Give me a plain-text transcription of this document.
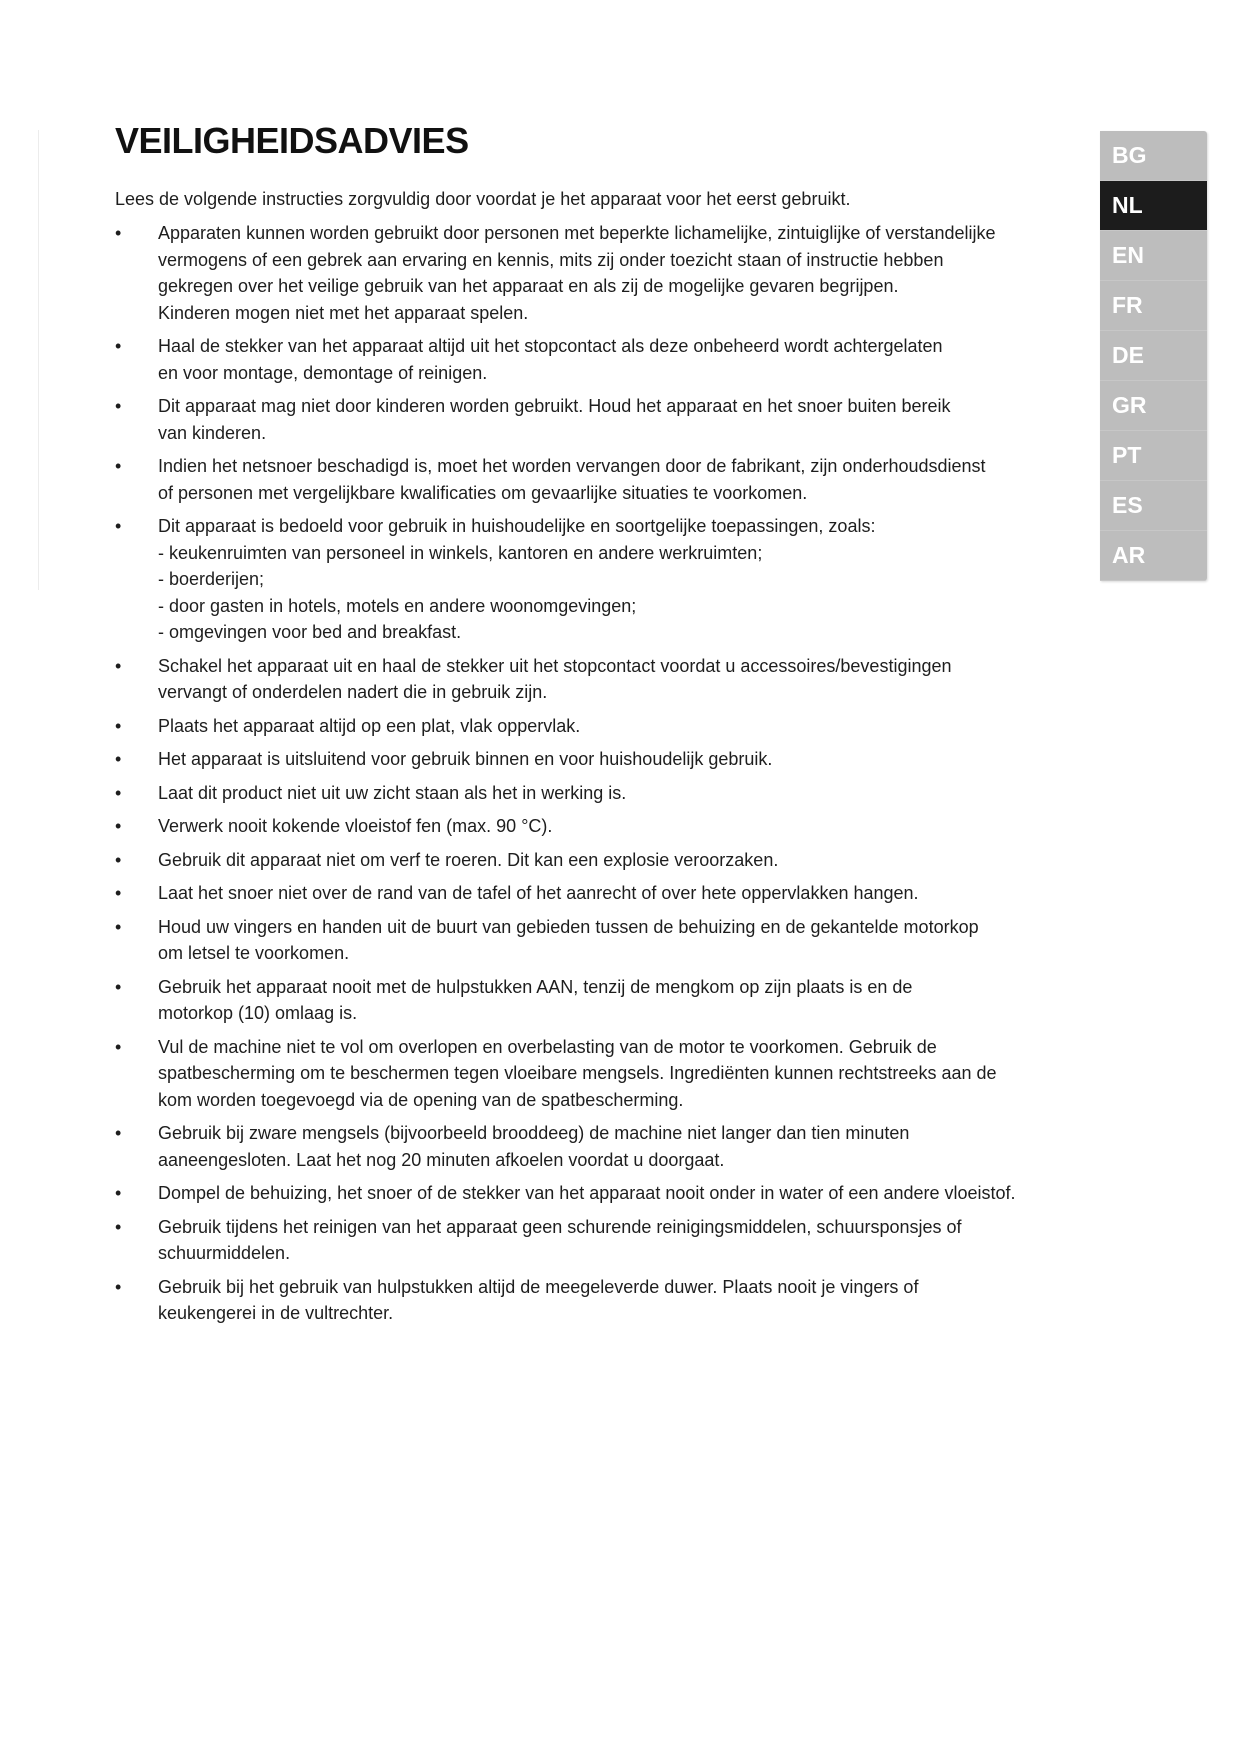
VEILIGHEIDSADVIES

Lees de volgende instructies zorgvuldig door voordat je het apparaat voor het eerst gebruikt.

• Apparaten kunnen worden gebruikt door personen met beperkte lichamelijke, zintuiglijke of verstandelijke
vermogens of een gebrek aan ervaring en kennis, mits zij onder toezicht staan of instructie hebben
gekregen over het veilige gebruik van het apparaat en als zij de mogelijke gevaren begrijpen.
Kinderen mogen niet met het apparaat spelen.
• Haal de stekker van het apparaat altijd uit het stopcontact als deze onbeheerd wordt achtergelaten
en voor montage, demontage of reinigen.
• Dit apparaat mag niet door kinderen worden gebruikt. Houd het apparaat en het snoer buiten bereik
van kinderen.
• Indien het netsnoer beschadigd is, moet het worden vervangen door de fabrikant, zijn onderhoudsdienst
of personen met vergelijkbare kwalificaties om gevaarlijke situaties te voorkomen.
• Dit apparaat is bedoeld voor gebruik in huishoudelijke en soortgelijke toepassingen, zoals:
- keukenruimten van personeel in winkels, kantoren en andere werkruimten;
- boerderijen;
- door gasten in hotels, motels en andere woonomgevingen;
- omgevingen voor bed and breakfast.
• Schakel het apparaat uit en haal de stekker uit het stopcontact voordat u accessoires/bevestigingen
vervangt of onderdelen nadert die in gebruik zijn.
• Plaats het apparaat altijd op een plat, vlak oppervlak.
• Het apparaat is uitsluitend voor gebruik binnen en voor huishoudelijk gebruik.
• Laat dit product niet uit uw zicht staan als het in werking is.
• Verwerk nooit kokende vloeistof fen (max. 90 °C).
• Gebruik dit apparaat niet om verf te roeren. Dit kan een explosie veroorzaken.
• Laat het snoer niet over de rand van de tafel of het aanrecht of over hete oppervlakken hangen.
• Houd uw vingers en handen uit de buurt van gebieden tussen de behuizing en de gekantelde motorkop
om letsel te voorkomen.
• Gebruik het apparaat nooit met de hulpstukken AAN, tenzij de mengkom op zijn plaats is en de
motorkop (10) omlaag is.
• Vul de machine niet te vol om overlopen en overbelasting van de motor te voorkomen. Gebruik de
spatbescherming om te beschermen tegen vloeibare mengsels. Ingrediënten kunnen rechtstreeks aan de
kom worden toegevoegd via de opening van de spatbescherming.
• Gebruik bij zware mengsels (bijvoorbeeld brooddeeg) de machine niet langer dan tien minuten
aaneengesloten. Laat het nog 20 minuten afkoelen voordat u doorgaat.
• Dompel de behuizing, het snoer of de stekker van het apparaat nooit onder in water of een andere vloeistof.
• Gebruik tijdens het reinigen van het apparaat geen schurende reinigingsmiddelen, schuursponsjes of
schuurmiddelen.
• Gebruik bij het gebruik van hulpstukken altijd de meegeleverde duwer. Plaats nooit je vingers of
keukengerei in de vultrechter.
BG
NL
EN
FR
DE
GR
PT
ES
AR
